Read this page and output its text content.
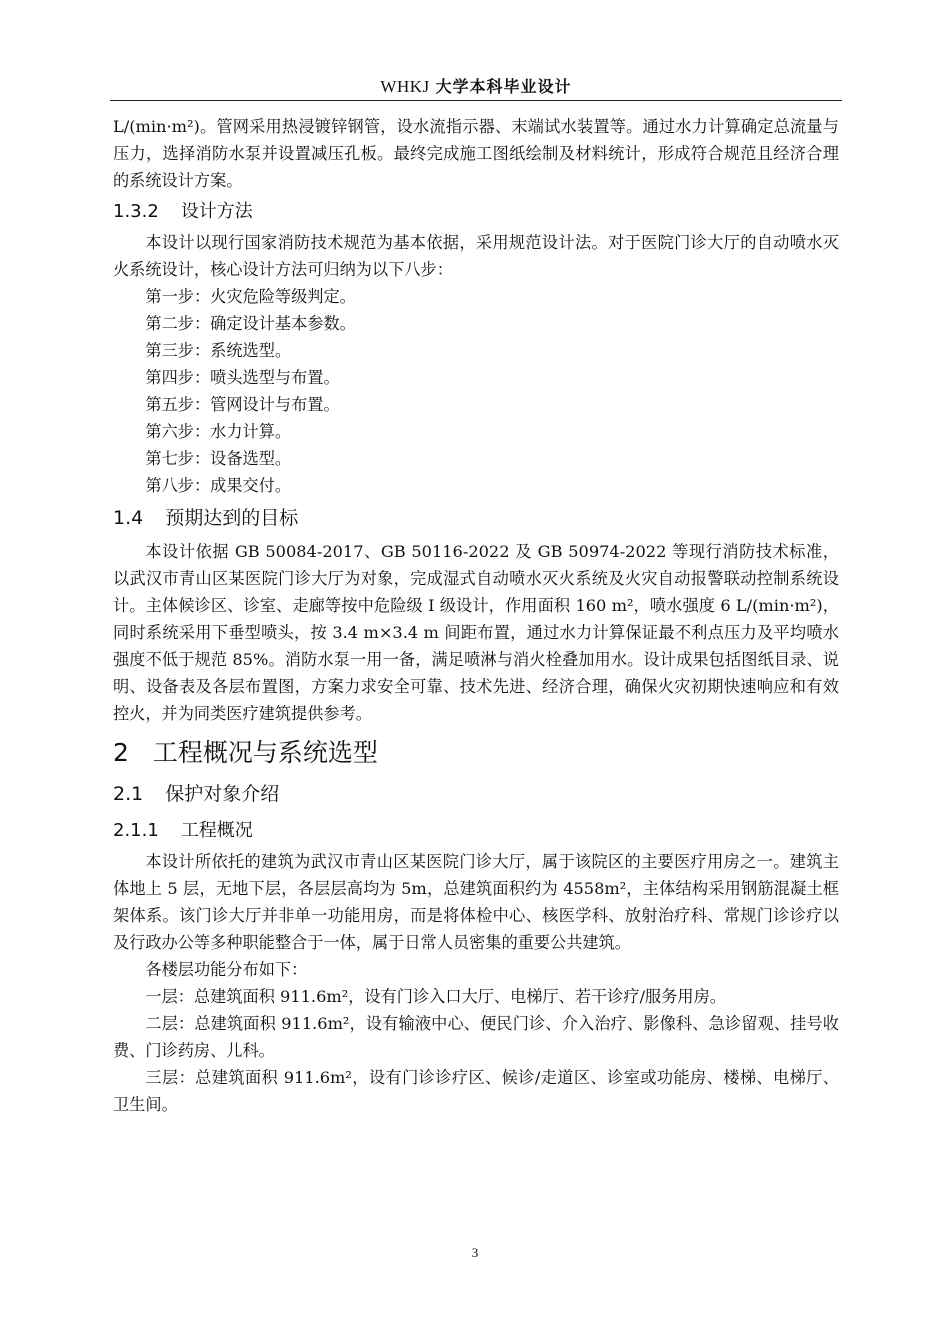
WHKJ 大学本科毕业设计

L/(min·m²)。管网采用热浸镀锌钢管，设水流指示器、末端试水装置等。通过水力计算确定总流量与压力，选择消防水泵并设置减压孔板。最终完成施工图纸绘制及材料统计，形成符合规范且经济合理的系统设计方案。

1.3.2 设计方法

本设计以现行国家消防技术规范为基本依据，采用规范设计法。对于医院门诊大厅的自动喷水灭火系统设计，核心设计方法可归纳为以下八步：

第一步：火灾危险等级判定。

第二步：确定设计基本参数。

第三步：系统选型。

第四步：喷头选型与布置。

第五步：管网设计与布置。

第六步：水力计算。

第七步：设备选型。

第八步：成果交付。

1.4 预期达到的目标

本设计依据 GB 50084-2017、GB 50116-2022 及 GB 50974-2022 等现行消防技术标准，以武汉市青山区某医院门诊大厅为对象，完成湿式自动喷水灭火系统及火灾自动报警联动控制系统设计。主体候诊区、诊室、走廊等按中危险级 I 级设计，作用面积 160 m²，喷水强度 6 L/(min·m²)，同时系统采用下垂型喷头，按 3.4 m×3.4 m 间距布置，通过水力计算保证最不利点压力及平均喷水强度不低于规范 85%。消防水泵一用一备，满足喷淋与消火栓叠加用水。设计成果包括图纸目录、说明、设备表及各层布置图，方案力求安全可靠、技术先进、经济合理，确保火灾初期快速响应和有效控火，并为同类医疗建筑提供参考。

2 工程概况与系统选型
2.1 保护对象介绍
2.1.1 工程概况

本设计所依托的建筑为武汉市青山区某医院门诊大厅，属于该院区的主要医疗用房之一。建筑主体地上 5 层，无地下层，各层层高均为 5m，总建筑面积约为 4558m²，主体结构采用钢筋混凝土框架体系。该门诊大厅并非单一功能用房，而是将体检中心、核医学科、放射治疗科、常规门诊诊疗以及行政办公等多种职能整合于一体，属于日常人员密集的重要公共建筑。

各楼层功能分布如下：

一层：总建筑面积 911.6m²，设有门诊入口大厅、电梯厅、若干诊疗/服务用房。

二层：总建筑面积 911.6m²，设有输液中心、便民门诊、介入治疗、影像科、急诊留观、挂号收费、门诊药房、儿科。

三层：总建筑面积 911.6m²，设有门诊诊疗区、候诊/走道区、诊室或功能房、楼梯、电梯厅、卫生间。

3
